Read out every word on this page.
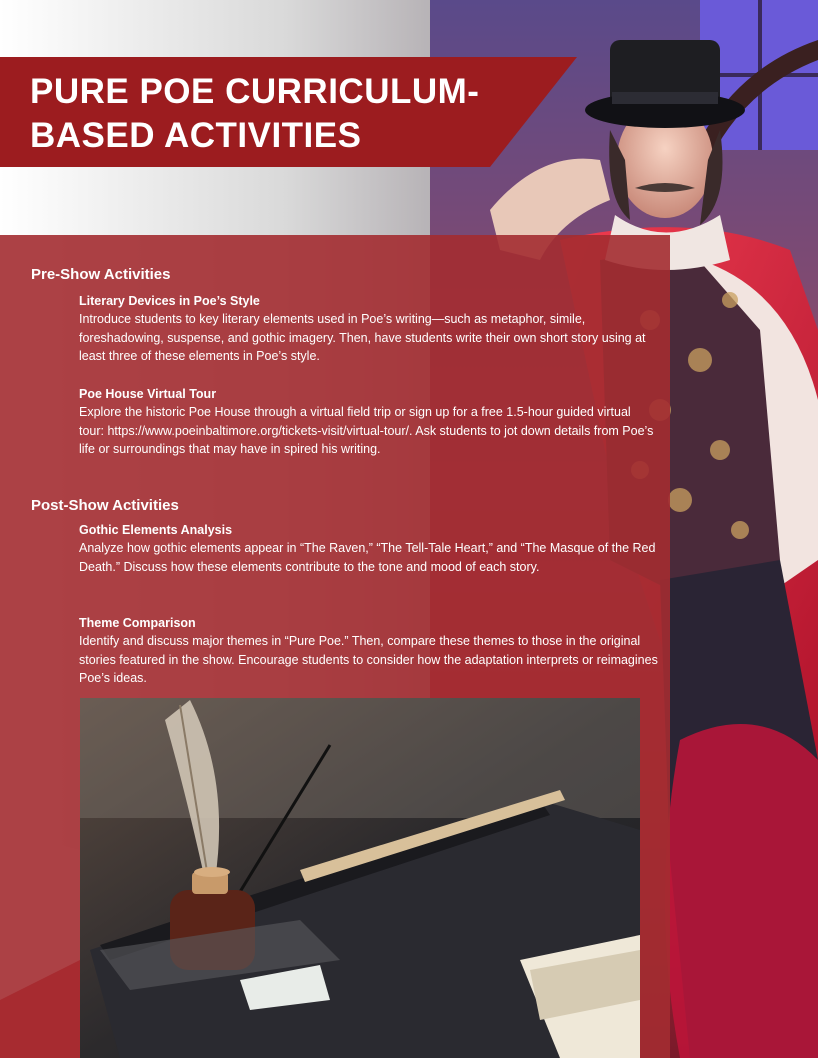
PURE POE CURRICULUM-
BASED ACTIVITIES
Pre-Show Activities

Literary Devices in Poe’s Style

Introduce students to key literary elements used in Poe’s writing—such as metaphor, simile, foreshadowing, suspense, and gothic imagery. Then, have students write their own short story using at least three of these elements in Poe’s style.

Poe House Virtual Tour

Explore the historic Poe House through a virtual field trip or sign up for a free 1.5-hour guided virtual tour: https://www.poeinbaltimore.org/tickets-visit/virtual-tour/. Ask students to jot down details from Poe’s life or surroundings that may have in spired his writing.

Post-Show Activities

Gothic Elements Analysis

Analyze how gothic elements appear in “The Raven,” “The Tell-Tale Heart,” and “The Masque of the Red Death.” Discuss how these elements contribute to the tone and mood of each story.

Theme Comparison

Identify and discuss major themes in “Pure Poe.” Then, compare these themes to those in the original stories featured in the show. Encourage students to consider how the adaptation interprets or reimagines Poe’s ideas.
